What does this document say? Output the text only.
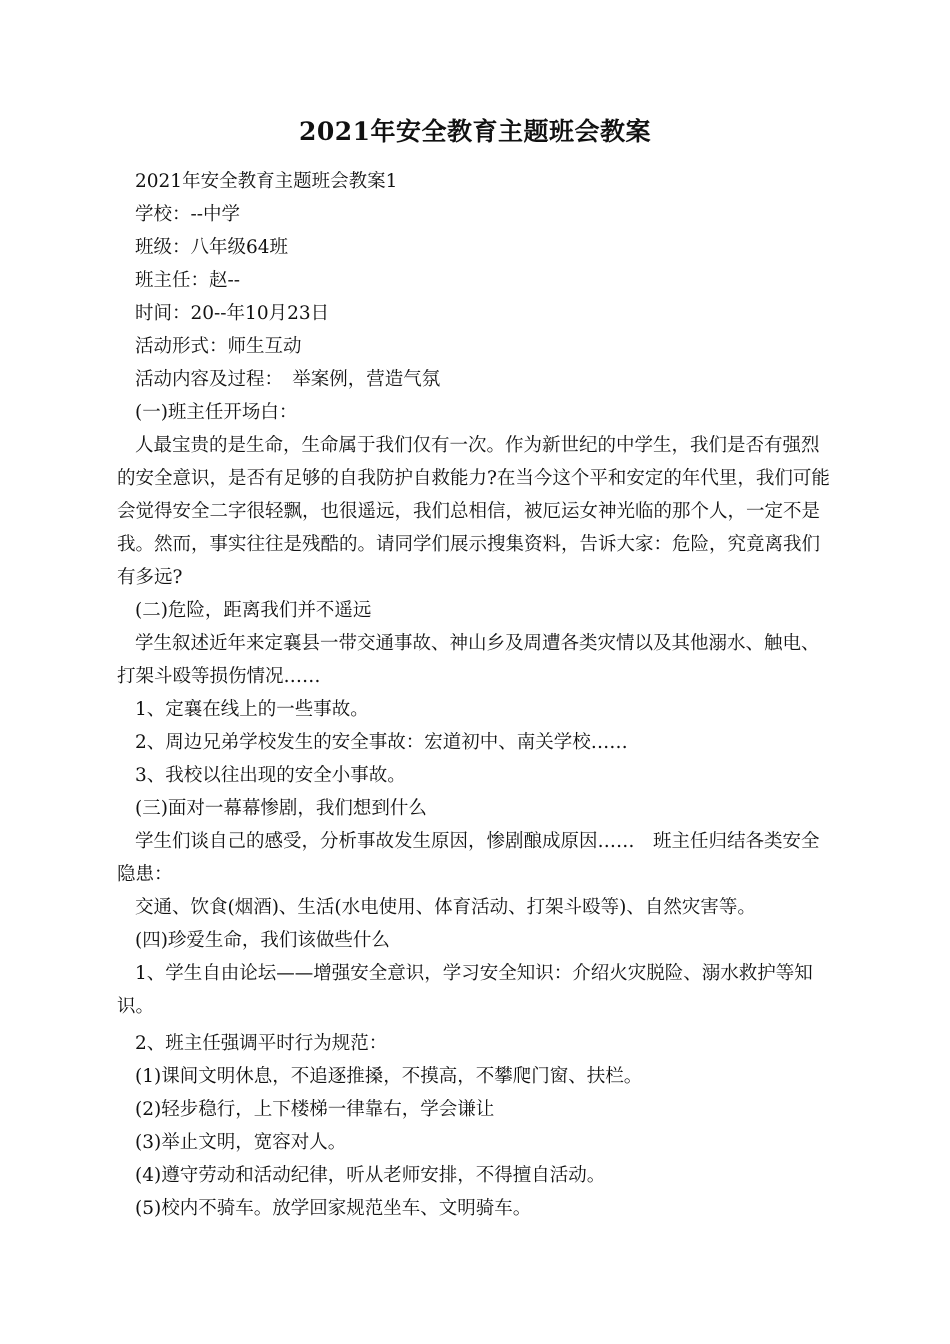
2021年安全教育主题班会教案

2021年安全教育主题班会教案1

学校：--中学

班级：八年级64班

班主任：赵--

时间：20--年10月23日

活动形式：师生互动

活动内容及过程：　举案例，营造气氛

(一)班主任开场白：

人最宝贵的是生命，生命属于我们仅有一次。作为新世纪的中学生，我们是否有强烈的安全意识，是否有足够的自我防护自救能力?在当今这个平和安定的年代里，我们可能会觉得安全二字很轻飘，也很遥远，我们总相信，被厄运女神光临的那个人，一定不是我。然而，事实往往是残酷的。请同学们展示搜集资料，告诉大家：危险，究竟离我们有多远?

(二)危险，距离我们并不遥远

学生叙述近年来定襄县一带交通事故、神山乡及周遭各类灾情以及其他溺水、触电、打架斗殴等损伤情况……

1、定襄在线上的一些事故。

2、周边兄弟学校发生的安全事故：宏道初中、南关学校……

3、我校以往出现的安全小事故。

(三)面对一幕幕惨剧，我们想到什么

学生们谈自己的感受，分析事故发生原因，惨剧酿成原因……　班主任归结各类安全隐患：

交通、饮食(烟酒)、生活(水电使用、体育活动、打架斗殴等)、自然灾害等。

(四)珍爱生命，我们该做些什么

1、学生自由论坛——增强安全意识，学习安全知识：介绍火灾脱险、溺水救护等知识。

2、班主任强调平时行为规范：

(1)课间文明休息，不追逐推搡，不摸高，不攀爬门窗、扶栏。

(2)轻步稳行，上下楼梯一律靠右，学会谦让

(3)举止文明，宽容对人。

(4)遵守劳动和活动纪律，听从老师安排，不得擅自活动。

(5)校内不骑车。放学回家规范坐车、文明骑车。
